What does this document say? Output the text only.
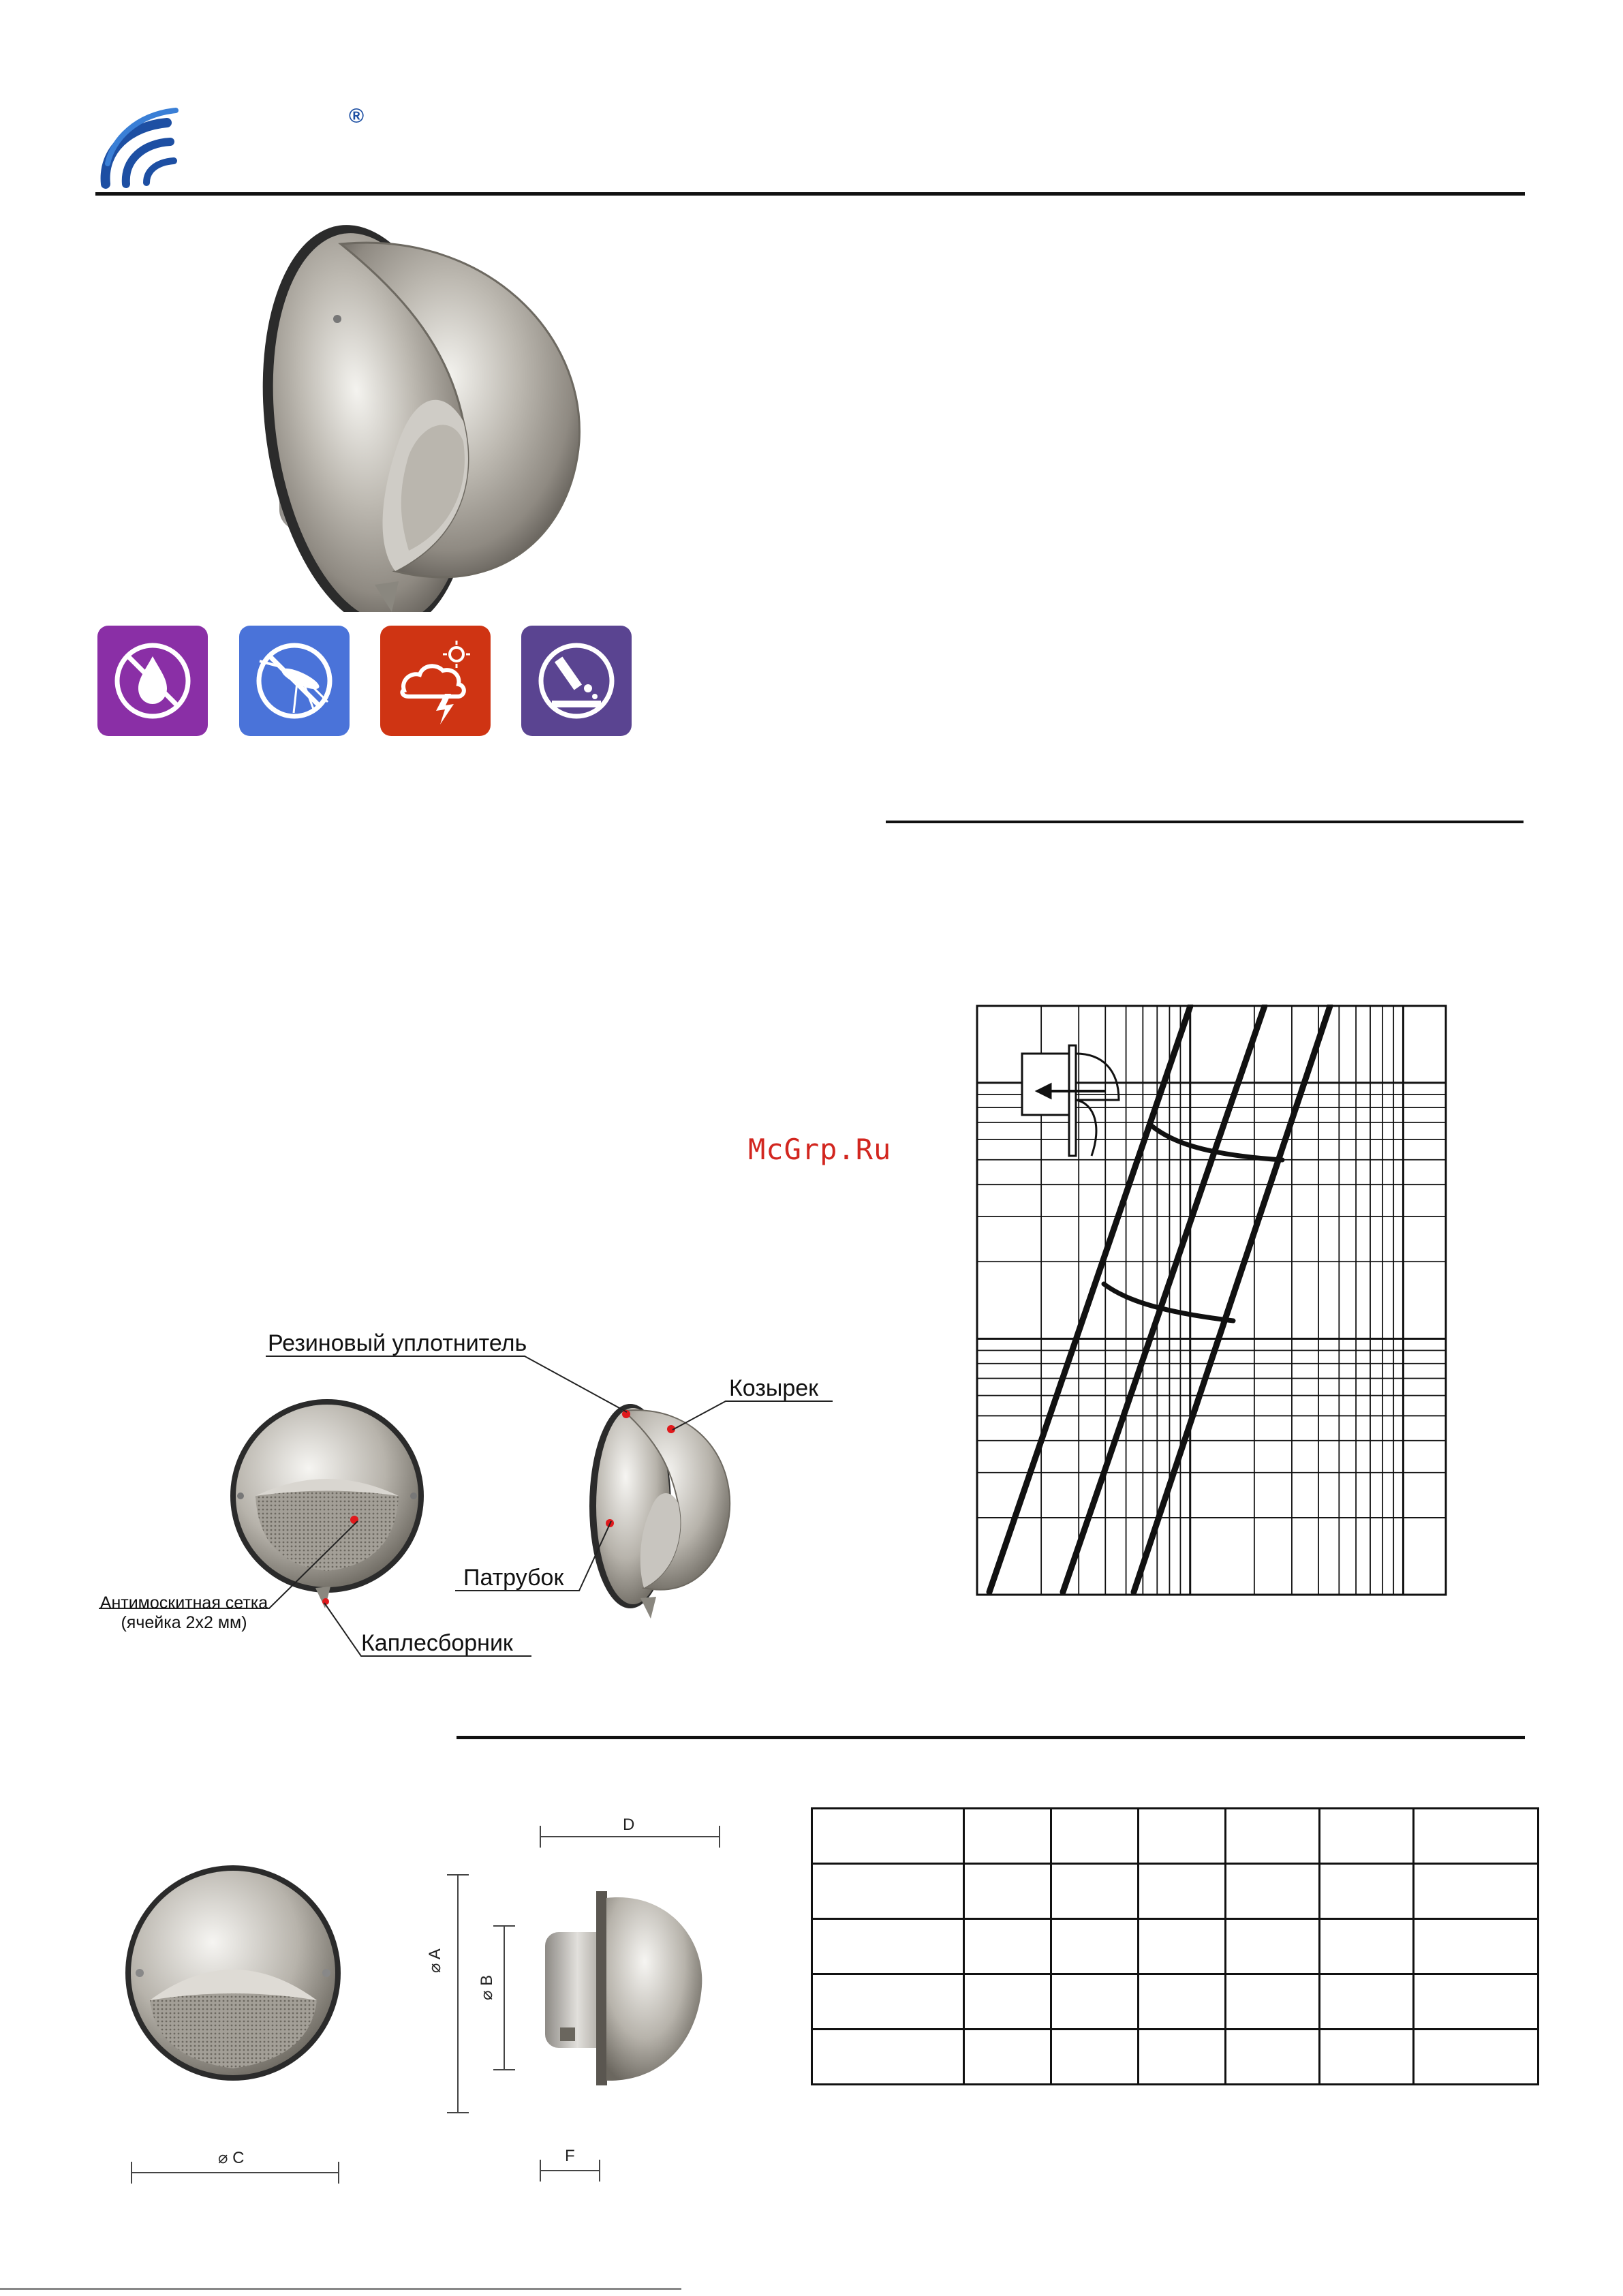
®
McGrp.Ru
Резиновый уплотнитель
Козырек
Патрубок
Антимоскитная сетка
(ячейка 2х2 мм)
Каплесборник
⌀ C
⌀ A
⌀ B
D
F
